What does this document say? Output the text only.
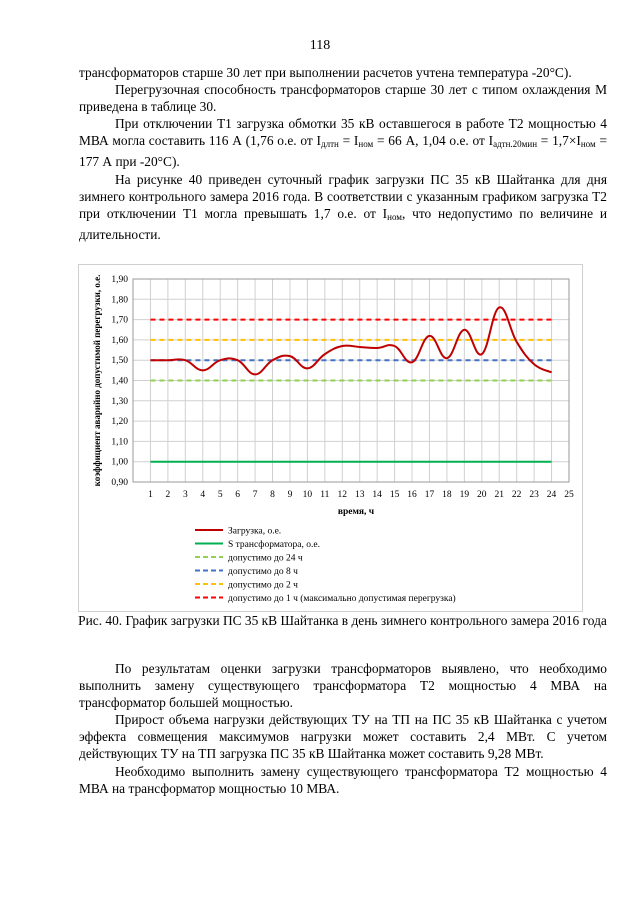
118

трансформаторов старше 30 лет при выполнении расчетов учтена температура -20°С).

Перегрузочная способность трансформаторов старше 30 лет с типом охлаждения М приведена в таблице 30.

При отключении Т1 загрузка обмотки 35 кВ оставшегося в работе Т2 мощностью 4 МВА могла составить 116 А (1,76 о.е. от $I_{длтн} = I_{ном} = 66$ А, 1,04 о.е. от $I_{адтн.20мин} = 1,7\times I_{ном} = 177$ А при -20°С).

На рисунке 40 приведен суточный график загрузки ПС 35 кВ Шайтанка для дня зимнего контрольного замера 2016 года. В соответствии с указанным графиком загрузка Т2 при отключении Т1 могла превышать 1,7 о.е. от $I_{ном}$, что недопустимо по величине и длительности.

0,90
1,00
1,10
1,20
1,30
1,40
1,50
1,60
1,70
1,80
1,90
1 2 3 4 5 6 7 8 9 10 11 12 13 14 15 16 17 18 19 20 21 22 23 24 25
время, ч
коэффициент аварийно допустимой перегрузки, о.е.
Загрузка, о.е.
S трансформатора, о.е.
допустимо до 24 ч
допустимо до 8 ч
допустимо до 2 ч
допустимо до 1 ч (максимально допустимая перегрузка)
Рис. 40. График загрузки ПС 35 кВ Шайтанка в день зимнего контрольного замера 2016 года

По результатам оценки загрузки трансформаторов выявлено, что необходимо выполнить замену существующего трансформатора Т2 мощностью 4 МВА на трансформатор большей мощностью.

Прирост объема нагрузки действующих ТУ на ТП на ПС 35 кВ Шайтанка с учетом эффекта совмещения максимумов нагрузки может составить 2,4 МВт. С учетом действующих ТУ на ТП загрузка ПС 35 кВ Шайтанка может составить 9,28 МВт.

Необходимо выполнить замену существующего трансформатора Т2 мощностью 4 МВА на трансформатор мощностью 10 МВА.
